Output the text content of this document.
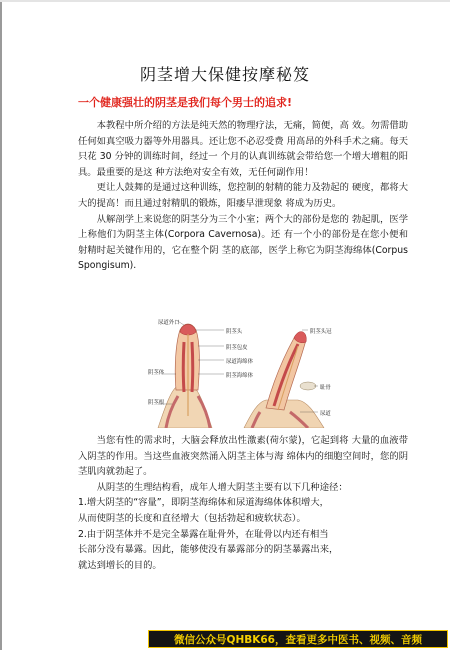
阴茎增大保健按摩秘笈
一个健康强壮的阴茎是我们每个男士的追求!

本教程中所介绍的方法是纯天然的物理疗法，无痛，简便，高 效。勿需借助任何如真空吸力器等外用器具。还让您不必忍受费 用高昂的外科手术之痛。每天只花 30 分钟的训练时间，经过一 个月的认真训练就会带给您一个增大增粗的阳具。最重要的是这 种方法绝对安全有效，无任何副作用！

更让人鼓舞的是通过这种训练，您控制的射精的能力及勃起的 硬度，都将大大的提高！而且通过射精肌的锻炼，阳痿早泄现象 将成为历史。

从解剖学上来说您的阴茎分为三个小室；两个大的部份是您的 勃起肌，医学上称他们为阴茎主体(Corpora Cavernosa)。还 有一个小的部份是在您小便和射精时起关键作用的，它在整个阴 茎的底部，医学上称它为阴茎海绵体(Corpus Spongisum).

尿道外口
阴茎头	阴茎头冠
阴茎包皮
尿道海绵体
阴茎体	阴茎海绵体
耻骨
阴茎根
尿道

当您有性的需求时，大脑会释放出性激素(荷尔蒙)，它起到将 大量的血液带入阴茎的作用。当这些血液突然涌入阴茎主体与海 绵体内的细胞空间时，您的阴茎肌肉就勃起了。

从阴茎的生理结构看，成年人增大阴茎主要有以下几种途径：

1.增大阴茎的“容量”，即阴茎海绵体和尿道海绵体体积增大，

从而使阴茎的长度和直径增大（包括勃起和疲软状态）。

2.由于阴茎体并不是完全暴露在耻骨外，在耻骨以内还有相当

长部分没有暴露。因此，能够使没有暴露部分的阴茎暴露出来，

就达到增长的目的。

微信公众号QHBK66，查看更多中医书、视频、音频
